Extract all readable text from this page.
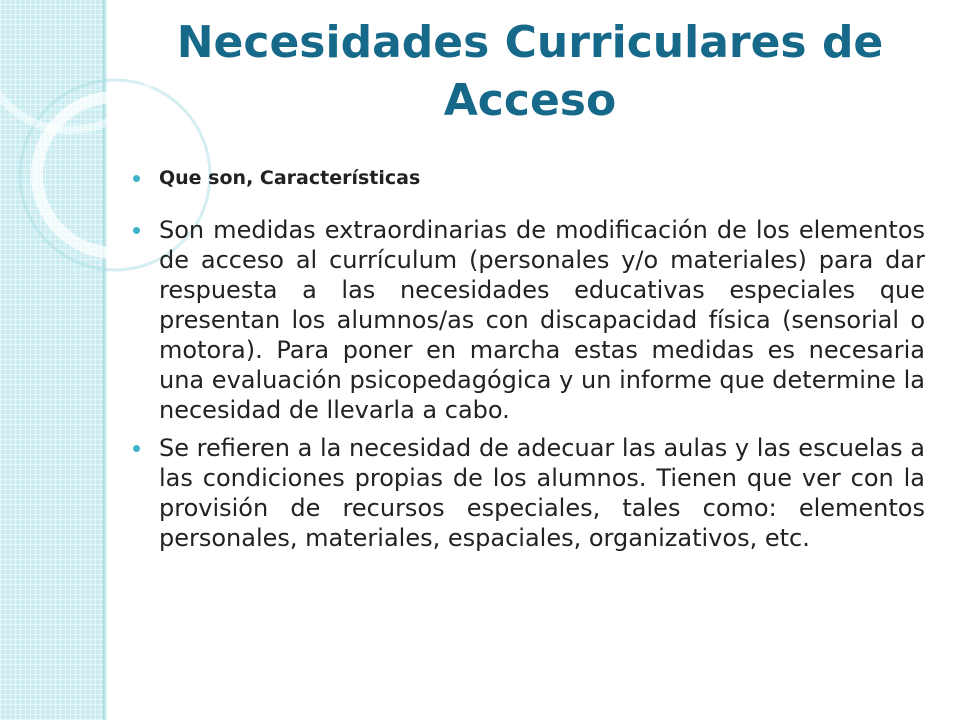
Necesidades Curriculares de Acceso
Que son, Características
Son medidas extraordinarias de modificación de los elementos de acceso al currículum (personales y/o materiales) para dar respuesta a las necesidades educativas especiales que presentan los alumnos/as con discapacidad física (sensorial o motora). Para poner en marcha estas medidas es necesaria una evaluación psicopedagógica y un informe que determine la necesidad de llevarla a cabo.
Se refieren a la necesidad de adecuar las aulas y las escuelas a las condiciones propias de los alumnos. Tienen que ver con la provisión de recursos especiales, tales como: elementos personales, materiales, espaciales, organizativos, etc.
